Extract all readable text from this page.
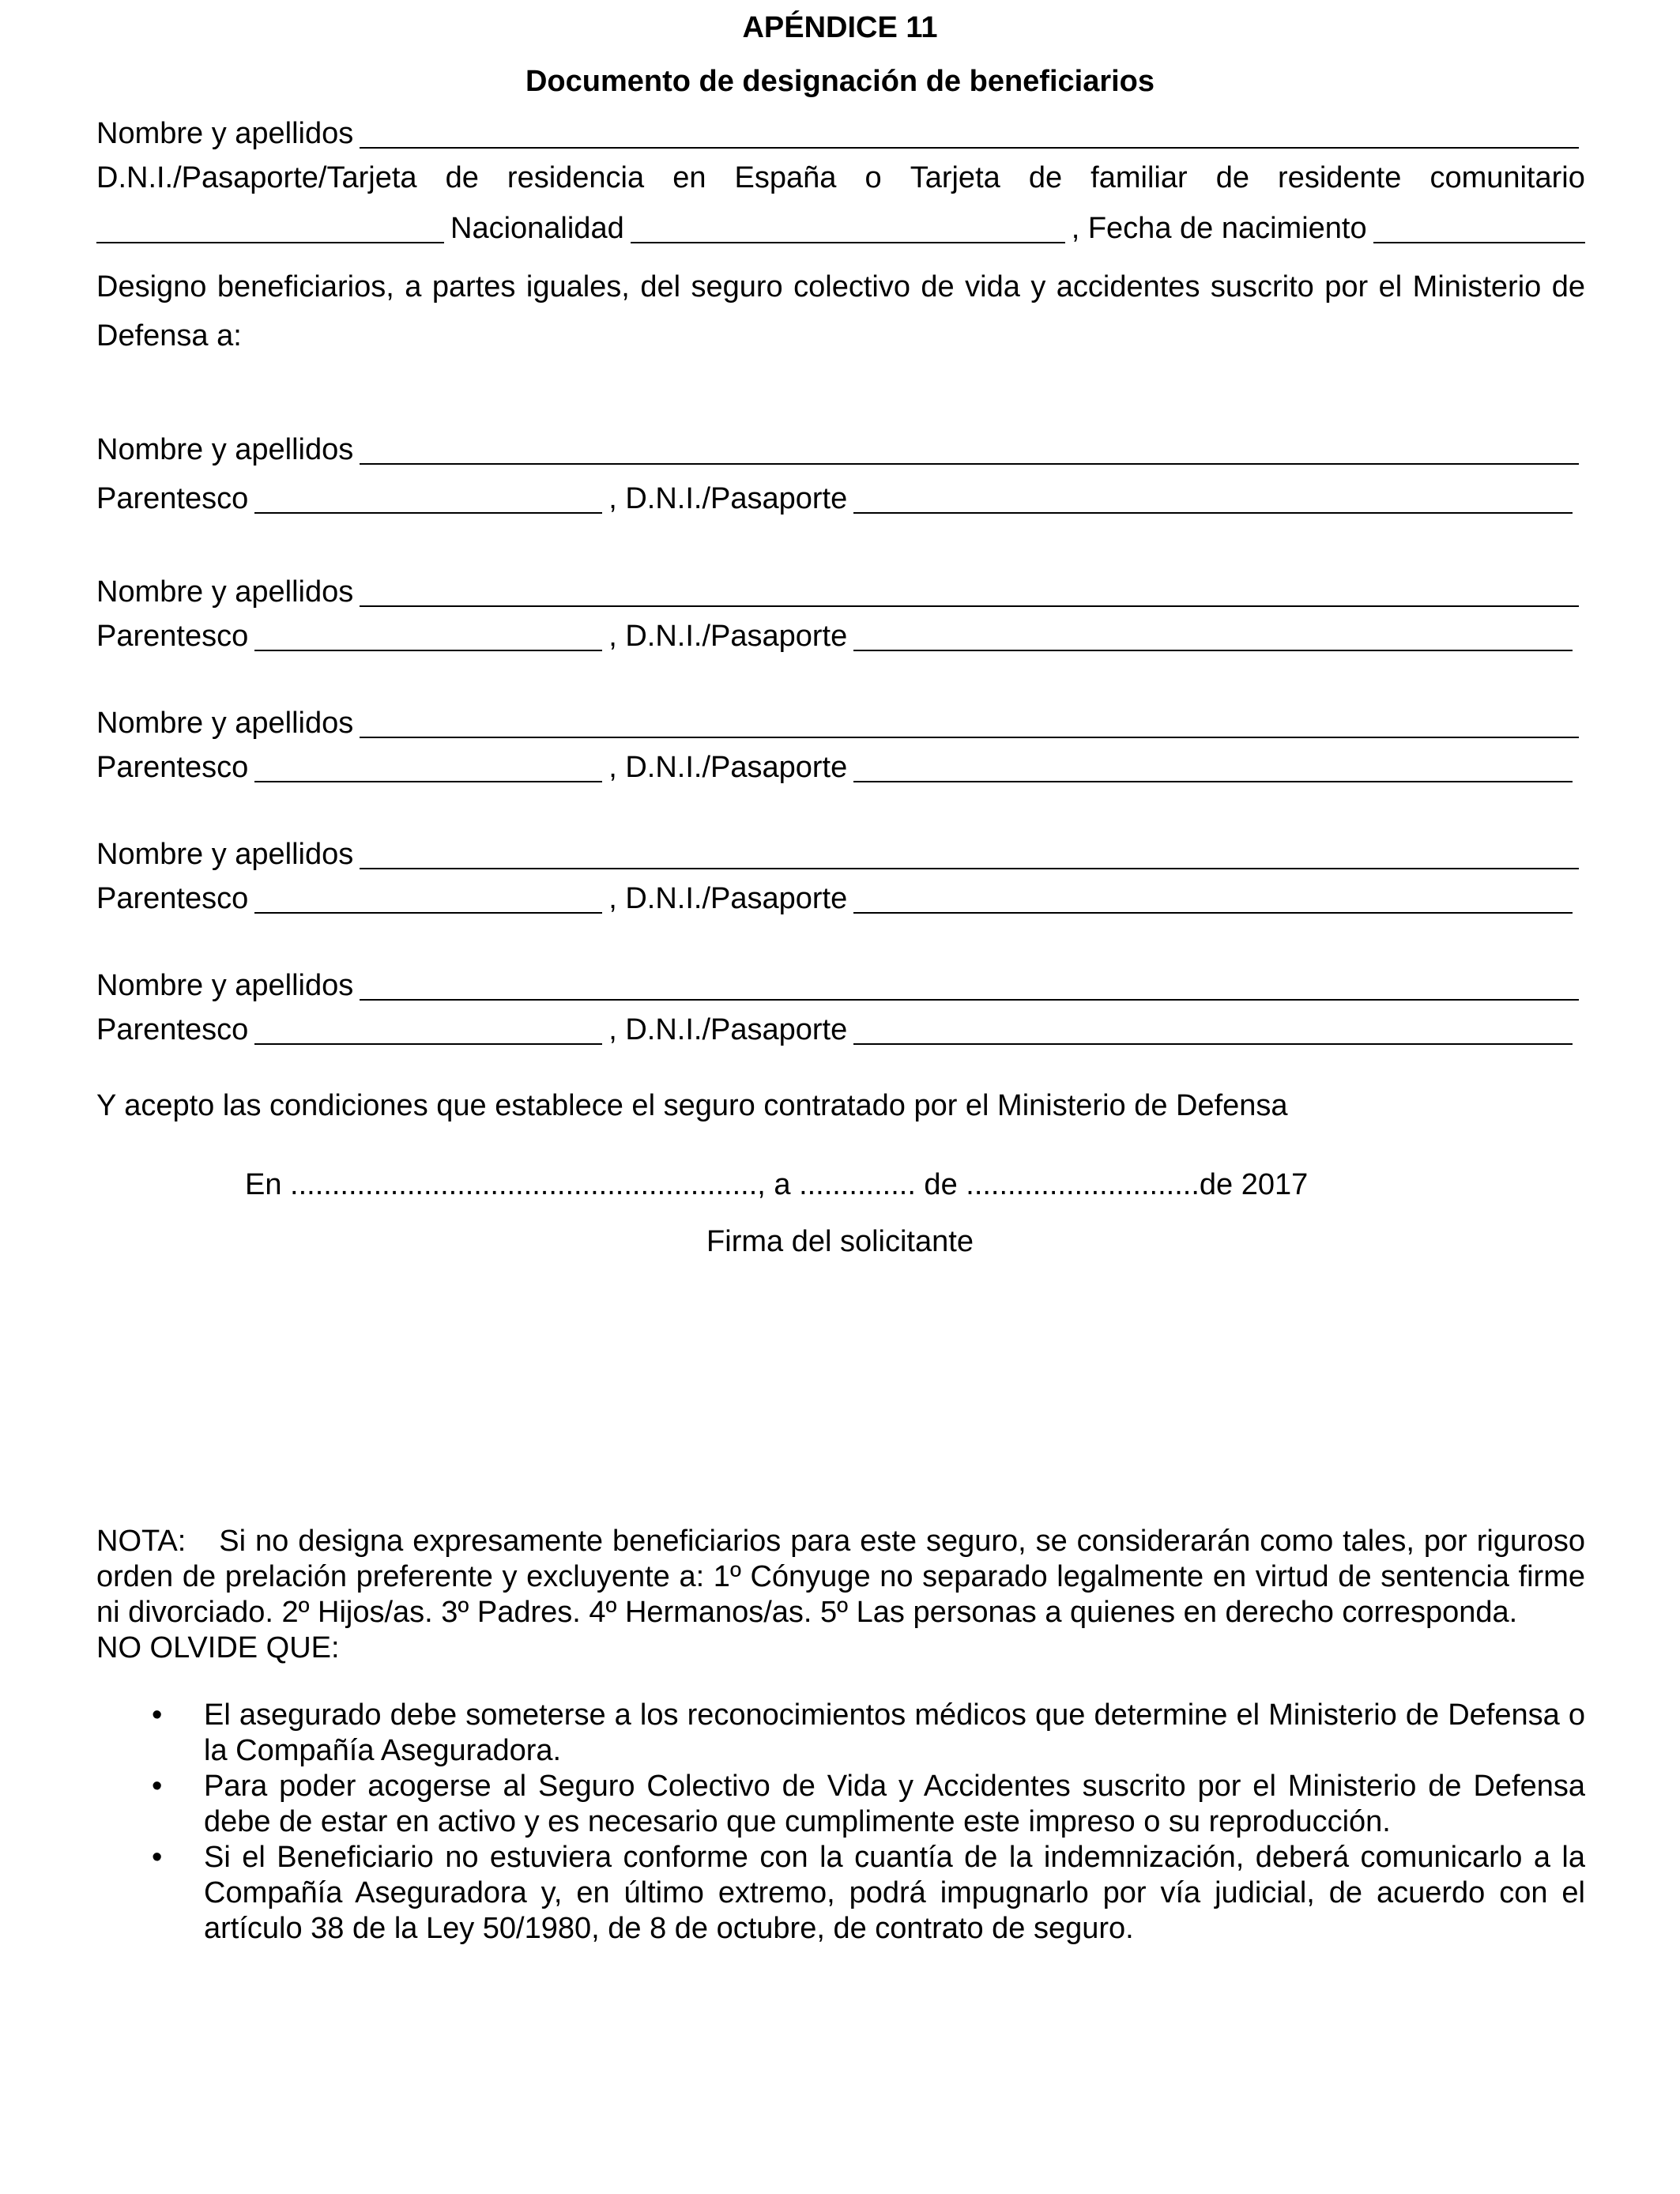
APÉNDICE 11
Documento de designación de beneficiarios
Nombre y apellidos
D.N.I./Pasaporte/Tarjeta de residencia en España o Tarjeta de familiar de residente comunitario
Nacionalidad	, Fecha de nacimiento
Designo beneficiarios, a partes iguales, del seguro colectivo de vida y accidentes suscrito por el Ministerio de Defensa a:
Nombre y apellidos
Parentesco	, D.N.I./Pasaporte
Nombre y apellidos
Parentesco	, D.N.I./Pasaporte
Nombre y apellidos
Parentesco	, D.N.I./Pasaporte
Nombre y apellidos
Parentesco	, D.N.I./Pasaporte
Nombre y apellidos
Parentesco	, D.N.I./Pasaporte
Y acepto las condiciones que establece el seguro contratado por el Ministerio de Defensa
En ........................................................, a .............. de ............................de 2017
Firma del solicitante
NOTA: Si no designa expresamente beneficiarios para este seguro, se considerarán como tales, por riguroso orden de prelación preferente y excluyente a: 1º Cónyuge no separado legalmente en virtud de sentencia firme ni divorciado. 2º Hijos/as. 3º Padres. 4º Hermanos/as. 5º Las personas a quienes en derecho corresponda.
NO OLVIDE QUE:
• El asegurado debe someterse a los reconocimientos médicos que determine el Ministerio de Defensa o la Compañía Aseguradora.
• Para poder acogerse al Seguro Colectivo de Vida y Accidentes suscrito por el Ministerio de Defensa debe de estar en activo y es necesario que cumplimente este impreso o su reproducción.
• Si el Beneficiario no estuviera conforme con la cuantía de la indemnización, deberá comunicarlo a la Compañía Aseguradora y, en último extremo, podrá impugnarlo por vía judicial, de acuerdo con el artículo 38 de la Ley 50/1980, de 8 de octubre, de contrato de seguro.
